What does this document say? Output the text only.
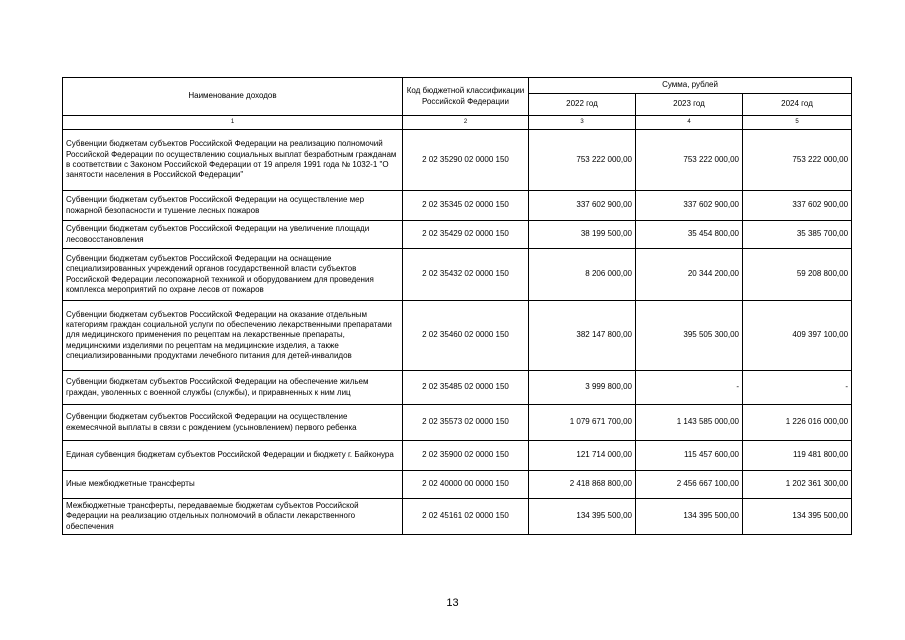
Наименование доходов	Код бюджетной классификации Российской Федерации	Сумма, рублей		
		2022 год	2023 год	2024 год
1	2	3	4	5
Субвенции бюджетам субъектов Российской Федерации на реализацию полномочий Российской Федерации по осуществлению социальных выплат безработным гражданам в соответствии с Законом Российской Федерации от 19 апреля 1991 года № 1032-1 "О занятости населения в Российской Федерации"	2 02 35290 02 0000 150	753 222 000,00	753 222 000,00	753 222 000,00
Субвенции бюджетам субъектов Российской Федерации на осуществление мер пожарной безопасности и тушение лесных пожаров	2 02 35345 02 0000 150	337 602 900,00	337 602 900,00	337 602 900,00
Субвенции бюджетам субъектов Российской Федерации на увеличение площади лесовосстановления	2 02 35429 02 0000 150	38 199 500,00	35 454 800,00	35 385 700,00
Субвенции бюджетам субъектов Российской Федерации на оснащение специализированных учреждений органов государственной власти субъектов Российской Федерации лесопожарной техникой и оборудованием для проведения комплекса мероприятий по охране лесов от пожаров	2 02 35432 02 0000 150	8 206 000,00	20 344 200,00	59 208 800,00
Субвенции бюджетам субъектов Российской Федерации на оказание отдельным категориям граждан социальной услуги по обеспечению лекарственными препаратами для медицинского применения по рецептам на лекарственные препараты, медицинскими изделиями по рецептам на медицинские изделия, а также специализированными продуктами лечебного питания для детей-инвалидов	2 02 35460 02 0000 150	382 147 800,00	395 505 300,00	409 397 100,00
Субвенции бюджетам субъектов Российской Федерации на обеспечение жильем граждан, уволенных с военной службы (службы), и приравненных к ним лиц	2 02 35485 02 0000 150	3 999 800,00	-	-
Субвенции бюджетам субъектов Российской Федерации на осуществление ежемесячной выплаты в связи с рождением (усыновлением) первого ребенка	2 02 35573 02 0000 150	1 079 671 700,00	1 143 585 000,00	1 226 016 000,00
Единая субвенция бюджетам субъектов Российской Федерации и бюджету г. Байконура	2 02 35900 02 0000 150	121 714 000,00	115 457 600,00	119 481 800,00
Иные межбюджетные трансферты	2 02 40000 00 0000 150	2 418 868 800,00	2 456 667 100,00	1 202 361 300,00
Межбюджетные трансферты, передаваемые бюджетам субъектов Российской Федерации на реализацию отдельных полномочий в области лекарственного обеспечения	2 02 45161 02 0000 150	134 395 500,00	134 395 500,00	134 395 500,00
13
